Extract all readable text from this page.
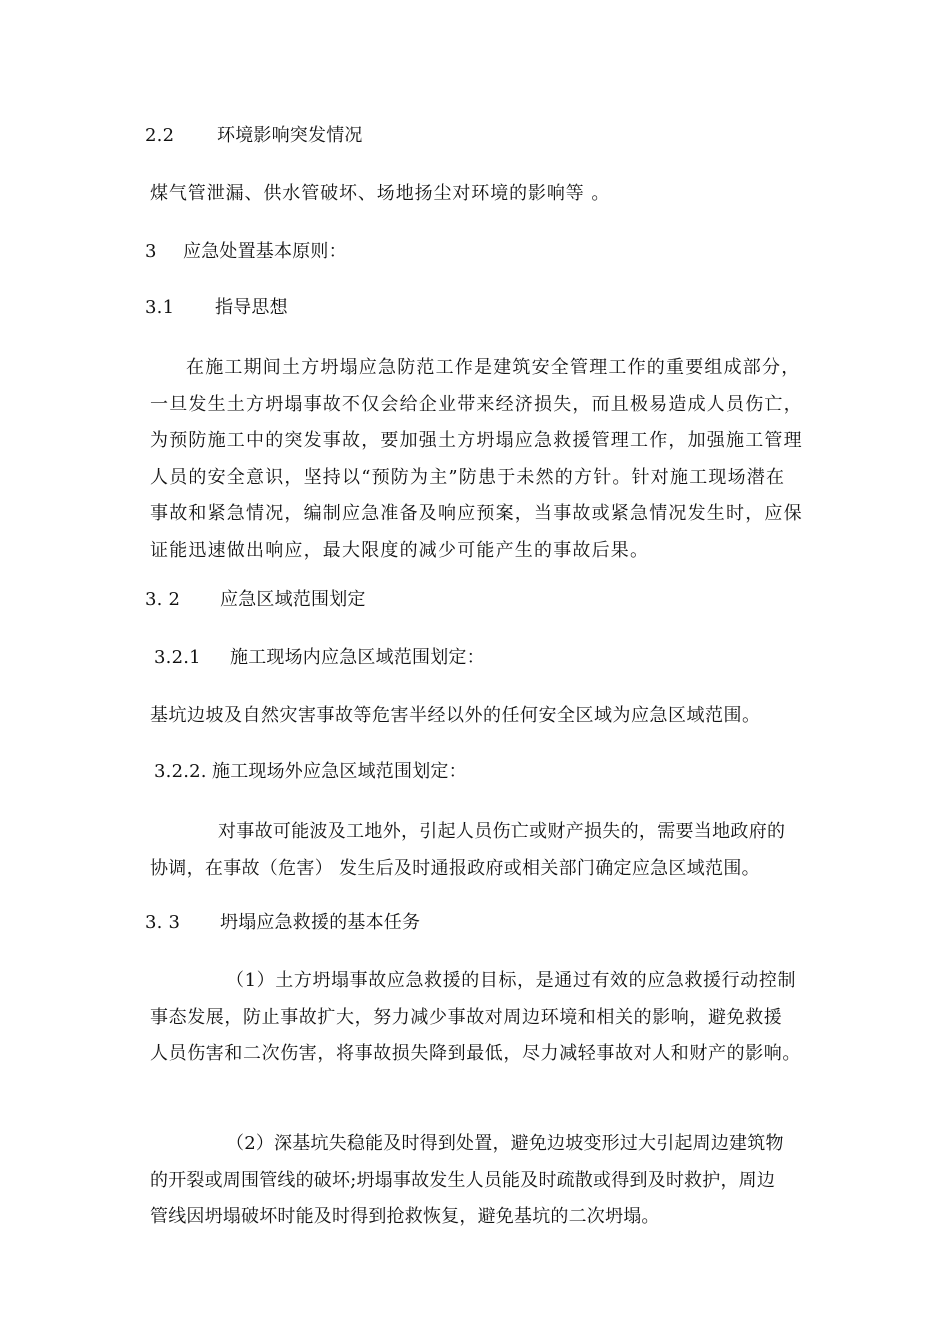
2.2 环境影响突发情况
煤气管泄漏、供水管破坏、场地扬尘对环境的影响等 。
3 应急处置基本原则：
3.1 指导思想
在施工期间土方坍塌应急防范工作是建筑安全管理工作的重要组成部分，
一旦发生土方坍塌事故不仅会给企业带来经济损失，而且极易造成人员伤亡，
为预防施工中的突发事故，要加强土方坍塌应急救援管理工作，加强施工管理
人员的安全意识，坚持以“预防为主”防患于未然的方针。针对施工现场潜在
事故和紧急情况，编制应急准备及响应预案，当事故或紧急情况发生时，应保
证能迅速做出响应，最大限度的减少可能产生的事故后果。
3. 2 应急区域范围划定
3.2.1 施工现场内应急区域范围划定：
基坑边坡及自然灾害事故等危害半经以外的任何安全区域为应急区域范围。
3.2.2. 施工现场外应急区域范围划定：
对事故可能波及工地外，引起人员伤亡或财产损失的，需要当地政府的
协调，在事故（危害） 发生后及时通报政府或相关部门确定应急区域范围。
3. 3 坍塌应急救援的基本任务
（1）土方坍塌事故应急救援的目标，是通过有效的应急救援行动控制
事态发展，防止事故扩大，努力减少事故对周边环境和相关的影响，避免救援
人员伤害和二次伤害，将事故损失降到最低，尽力减轻事故对人和财产的影响。
（2）深基坑失稳能及时得到处置，避免边坡变形过大引起周边建筑物
的开裂或周围管线的破坏;坍塌事故发生人员能及时疏散或得到及时救护，周边
管线因坍塌破坏时能及时得到抢救恢复，避免基坑的二次坍塌。
